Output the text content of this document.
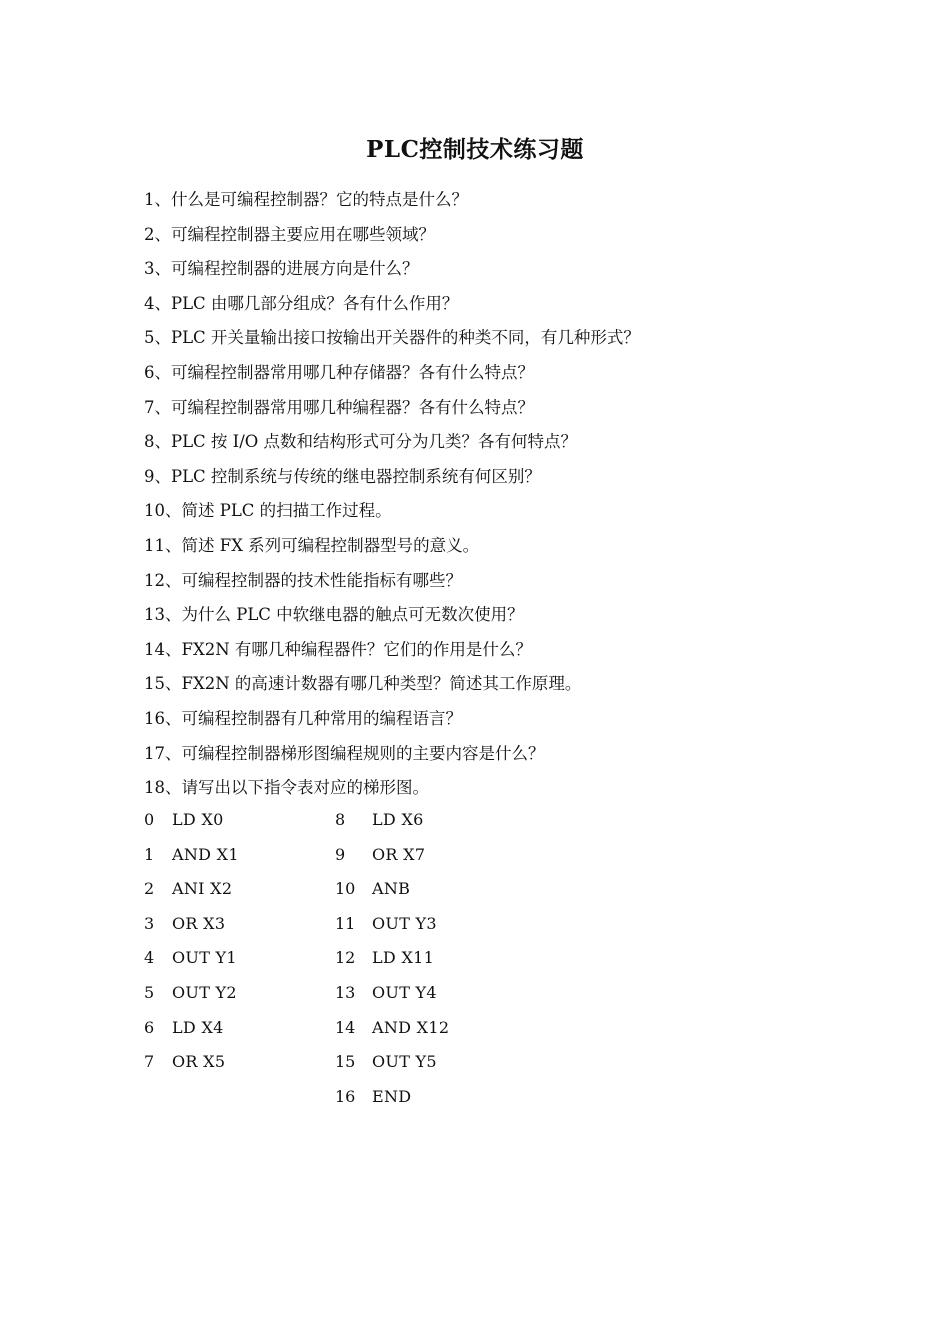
PLC控制技术练习题
1、什么是可编程控制器？它的特点是什么？
2、可编程控制器主要应用在哪些领域？
3、可编程控制器的进展方向是什么？
4、PLC 由哪几部分组成？各有什么作用？
5、PLC 开关量输出接口按输出开关器件的种类不同，有几种形式？
6、可编程控制器常用哪几种存储器？各有什么特点？
7、可编程控制器常用哪几种编程器？各有什么特点？
8、PLC 按 I/O 点数和结构形式可分为几类？各有何特点？
9、PLC 控制系统与传统的继电器控制系统有何区别？
10、简述 PLC 的扫描工作过程。
11、简述 FX 系列可编程控制器型号的意义。
12、可编程控制器的技术性能指标有哪些？
13、为什么 PLC 中软继电器的触点可无数次使用？
14、FX2N 有哪几种编程器件？它们的作用是什么？
15、FX2N 的高速计数器有哪几种类型？简述其工作原理。
16、可编程控制器有几种常用的编程语言？
17、可编程控制器梯形图编程规则的主要内容是什么？
18、请写出以下指令表对应的梯形图。
0 LD X0
1 AND X1
2 ANI X2
3 OR X3
4 OUT Y1
5 OUT Y2
6 LD X4
7 OR X5
8 LD X6
9 OR X7
10 ANB
11 OUT Y3
12 LD X11
13 OUT Y4
14 AND X12
15 OUT Y5
16 END
